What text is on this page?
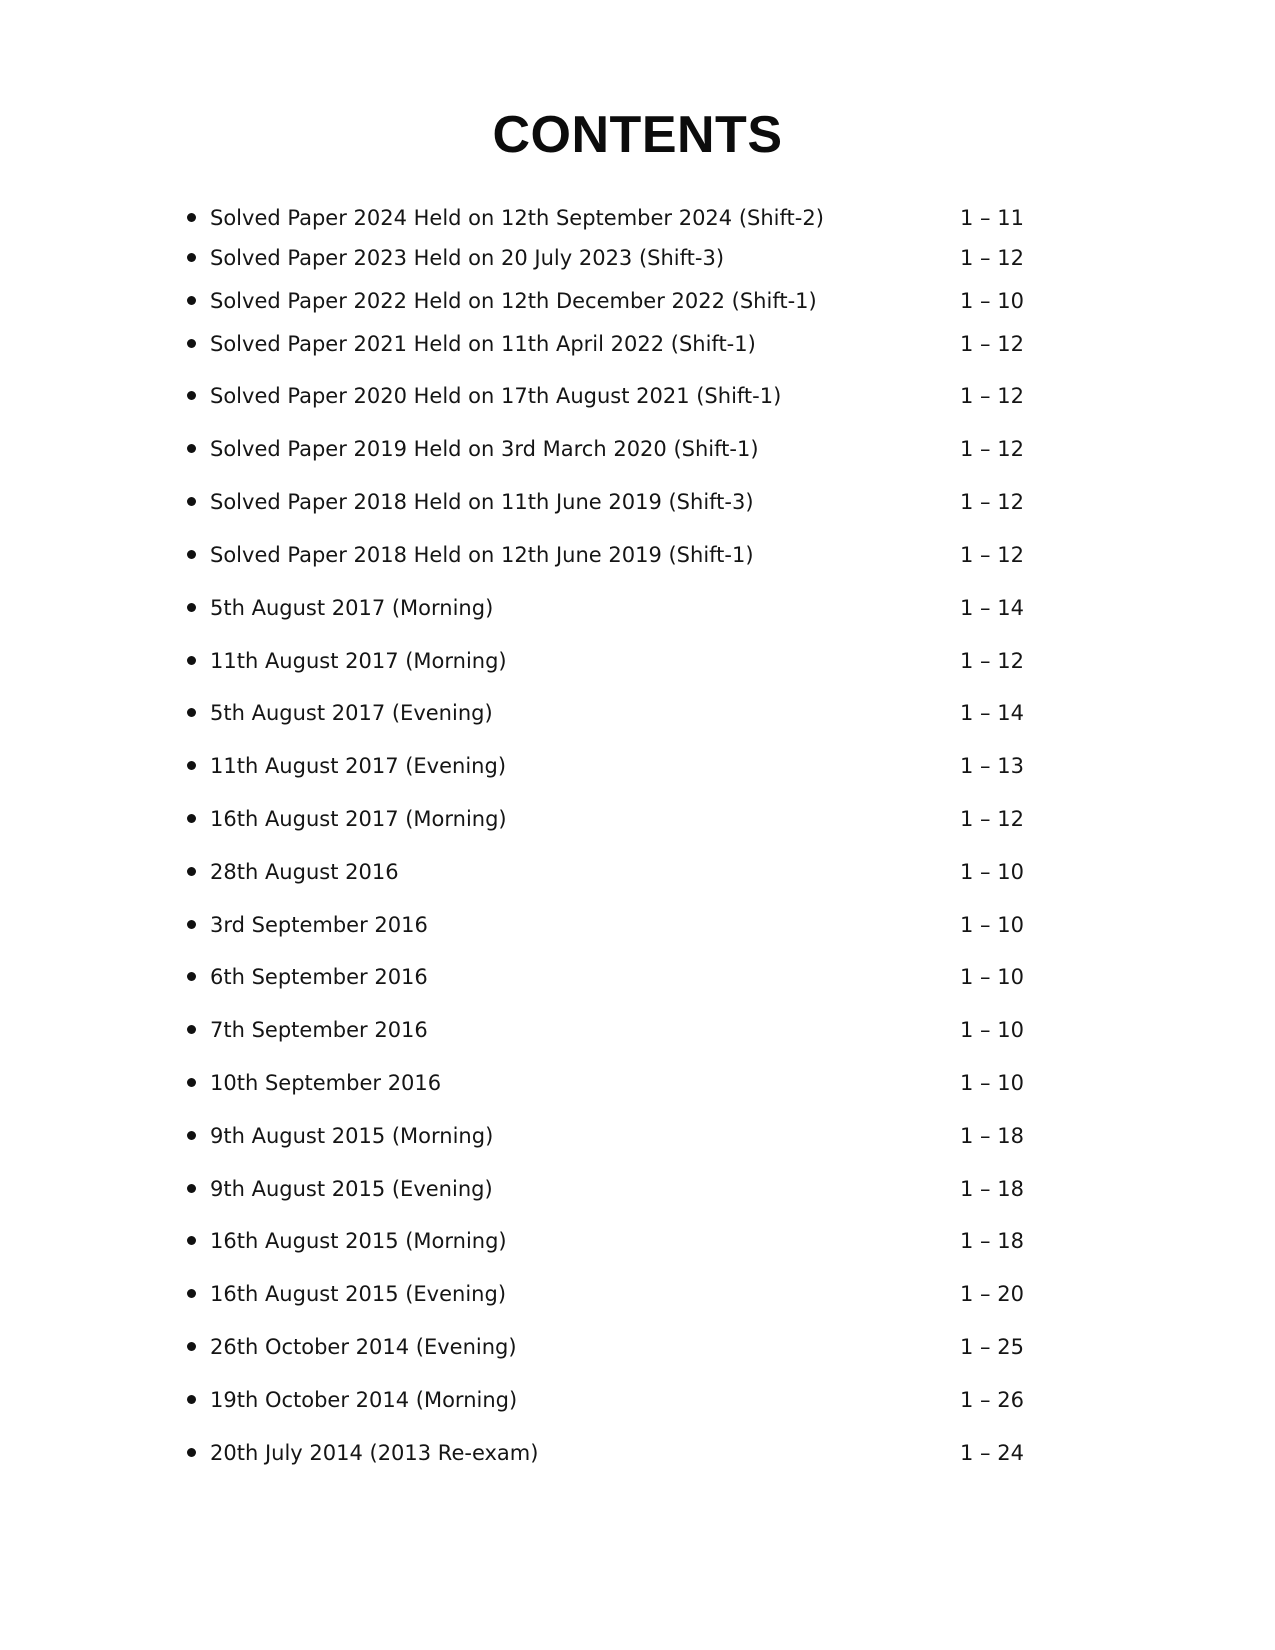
CONTENTS
Solved Paper 2024 Held on 12th September 2024 (Shift-2)	1 – 11
Solved Paper 2023 Held on 20 July 2023 (Shift-3)	1 – 12
Solved Paper 2022 Held on 12th December 2022 (Shift-1)	1 – 10
Solved Paper 2021 Held on 11th April 2022 (Shift-1)	1 – 12
Solved Paper 2020 Held on 17th August 2021 (Shift-1)	1 – 12
Solved Paper 2019 Held on 3rd March 2020 (Shift-1)	1 – 12
Solved Paper 2018 Held on 11th June 2019 (Shift-3)	1 – 12
Solved Paper 2018 Held on 12th June 2019 (Shift-1)	1 – 12
5th August 2017 (Morning)	1 – 14
11th August 2017 (Morning)	1 – 12
5th August 2017 (Evening)	1 – 14
11th August 2017 (Evening)	1 – 13
16th August 2017 (Morning)	1 – 12
28th August 2016	1 – 10
3rd September 2016	1 – 10
6th September 2016	1 – 10
7th September 2016	1 – 10
10th September 2016	1 – 10
9th August 2015 (Morning)	1 – 18
9th August 2015 (Evening)	1 – 18
16th August 2015 (Morning)	1 – 18
16th August 2015 (Evening)	1 – 20
26th October 2014 (Evening)	1 – 25
19th October 2014 (Morning)	1 – 26
20th July 2014 (2013 Re-exam)	1 – 24
